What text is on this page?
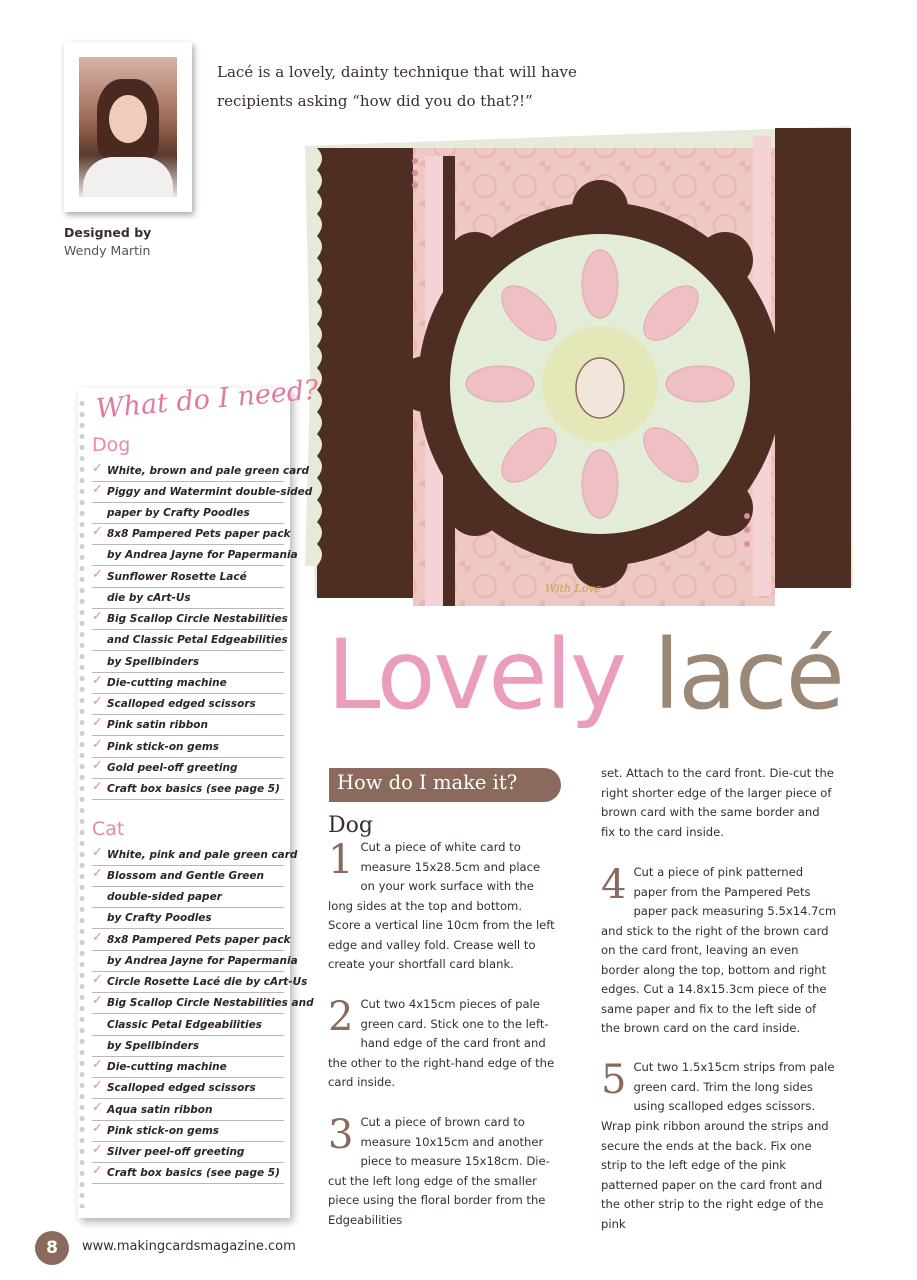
Designed by
Wendy Martin
Lacé is a lovely, dainty technique that will have
recipients asking “how did you do that?!”
With Love
What do I need?
Dog
✓ White, brown and pale green card
✓ Piggy and Watermint double-sided
paper by Crafty Poodles
✓ 8x8 Pampered Pets paper pack
by Andrea Jayne for Papermania
✓ Sunflower Rosette Lacé
die by cArt-Us
✓ Big Scallop Circle Nestabilities
and Classic Petal Edgeabilities
by Spellbinders
✓ Die-cutting machine
✓ Scalloped edged scissors
✓ Pink satin ribbon
✓ Pink stick-on gems
✓ Gold peel-off greeting
✓ Craft box basics (see page 5)
Cat
✓ White, pink and pale green card
✓ Blossom and Gentle Green
double-sided paper
by Crafty Poodles
✓ 8x8 Pampered Pets paper pack
by Andrea Jayne for Papermania
✓ Circle Rosette Lacé die by cArt-Us
✓ Big Scallop Circle Nestabilities and
Classic Petal Edgeabilities
by Spellbinders
✓ Die-cutting machine
✓ Scalloped edged scissors
✓ Aqua satin ribbon
✓ Pink stick-on gems
✓ Silver peel-off greeting
✓ Craft box basics (see page 5)
Lovely lacé
How do I make it?
Dog
1 Cut a piece of white card to measure 15x28.5cm and place on your work surface with the long sides at the top and bottom. Score a vertical line 10cm from the left edge and valley fold. Crease well to create your shortfall card blank.
2 Cut two 4x15cm pieces of pale green card. Stick one to the left-hand edge of the card front and the other to the right-hand edge of the card inside.
3 Cut a piece of brown card to measure 10x15cm and another piece to measure 15x18cm. Die-cut the left long edge of the smaller piece using the floral border from the Edgeabilities
set. Attach to the card front. Die-cut the right shorter edge of the larger piece of brown card with the same border and fix to the card inside.
4 Cut a piece of pink patterned paper from the Pampered Pets paper pack measuring 5.5x14.7cm and stick to the right of the brown card on the card front, leaving an even border along the top, bottom and right edges. Cut a 14.8x15.3cm piece of the same paper and fix to the left side of the brown card on the card inside.
5 Cut two 1.5x15cm strips from pale green card. Trim the long sides using scalloped edges scissors.
Wrap pink ribbon around the strips and secure the ends at the back. Fix one strip to the left edge of the pink patterned paper on the card front and the other strip to the right edge of the pink
8	www.makingcardsmagazine.com
